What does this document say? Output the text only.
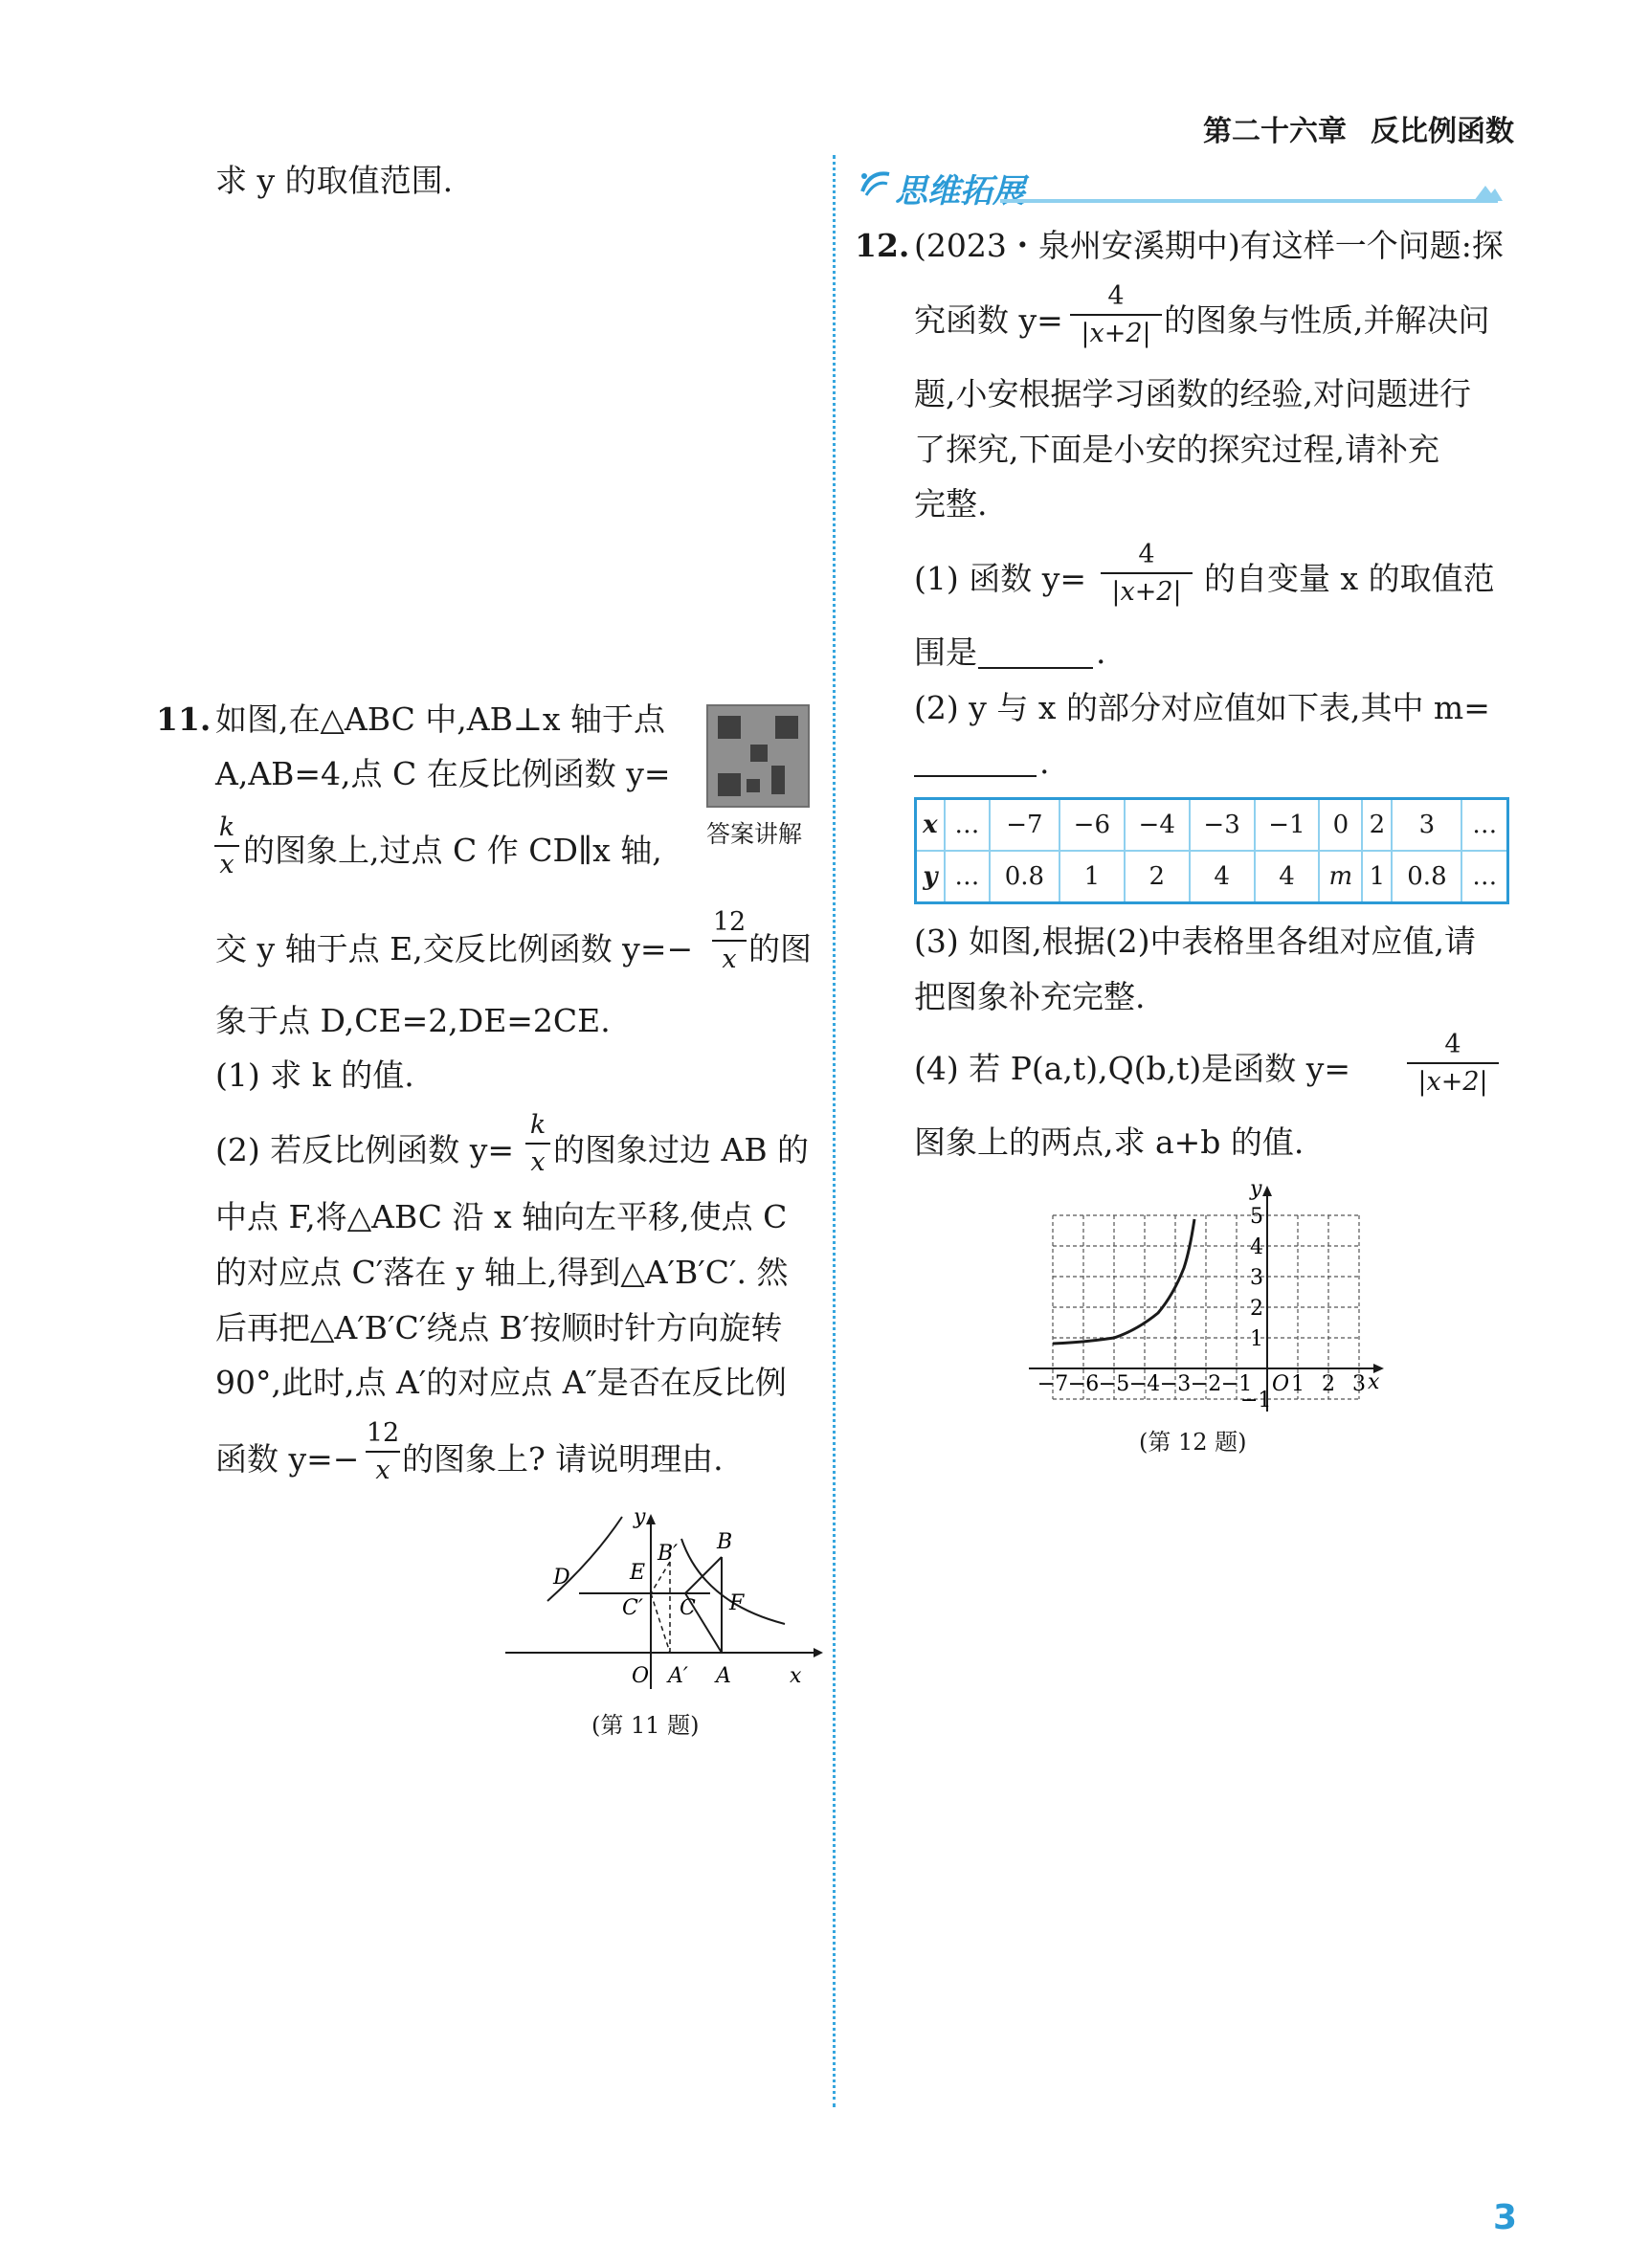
第二十六章 反比例函数
求 y 的取值范围.
11. 如图,在△ABC 中,AB⊥x 轴于点
A,AB=4,点 C 在反比例函数 y=
k
x 的图象上,过点 C 作 CD∥x 轴,
交 y 轴于点 E,交反比例函数 y=−
12
x 的图
象于点 D,CE=2,DE=2CE.
(1) 求 k 的值.
(2) 若反比例函数 y=
k
x 的图象过边 AB 的
中点 F,将△ABC 沿 x 轴向左平移,使点 C
的对应点 C′落在 y 轴上,得到△A′B′C′. 然
后再把△A′B′C′绕点 B′按顺时针方向旋转
90°,此时,点 A′的对应点 A″是否在反比例
函数 y=−
12
x 的图象上? 请说明理由.
答案讲解
y
x
O
D	E
B′ B
C′ C F
A′ A
(第 11 题)
思维拓展
12. (2023・泉州安溪期中)有这样一个问题:探
究函数 y=
4
|x+2| 的图象与性质,并解决问
题,小安根据学习函数的经验,对问题进行
了探究,下面是小安的探究过程,请补充
完整.
(1) 函数 y=
4
|x+2| 的自变量 x 的取值范
围是	.
(2) y 与 x 的部分对应值如下表,其中 m=
.
x	…	−7	−6	−4	−3	−1	0	2	3	…
y	…	0.8	1	2	4	4	m	1	0.8	…
(3) 如图,根据(2)中表格里各组对应值,请
把图象补充完整.
(4) 若 P(a,t),Q(b,t)是函数 y=
4
|x+2|
图象上的两点,求 a+b 的值.
y
x
O
5
4
3
2
1
−1
−7 −6 −5 −4 −3 −2 −1 1 2 3
(第 12 题)
3
